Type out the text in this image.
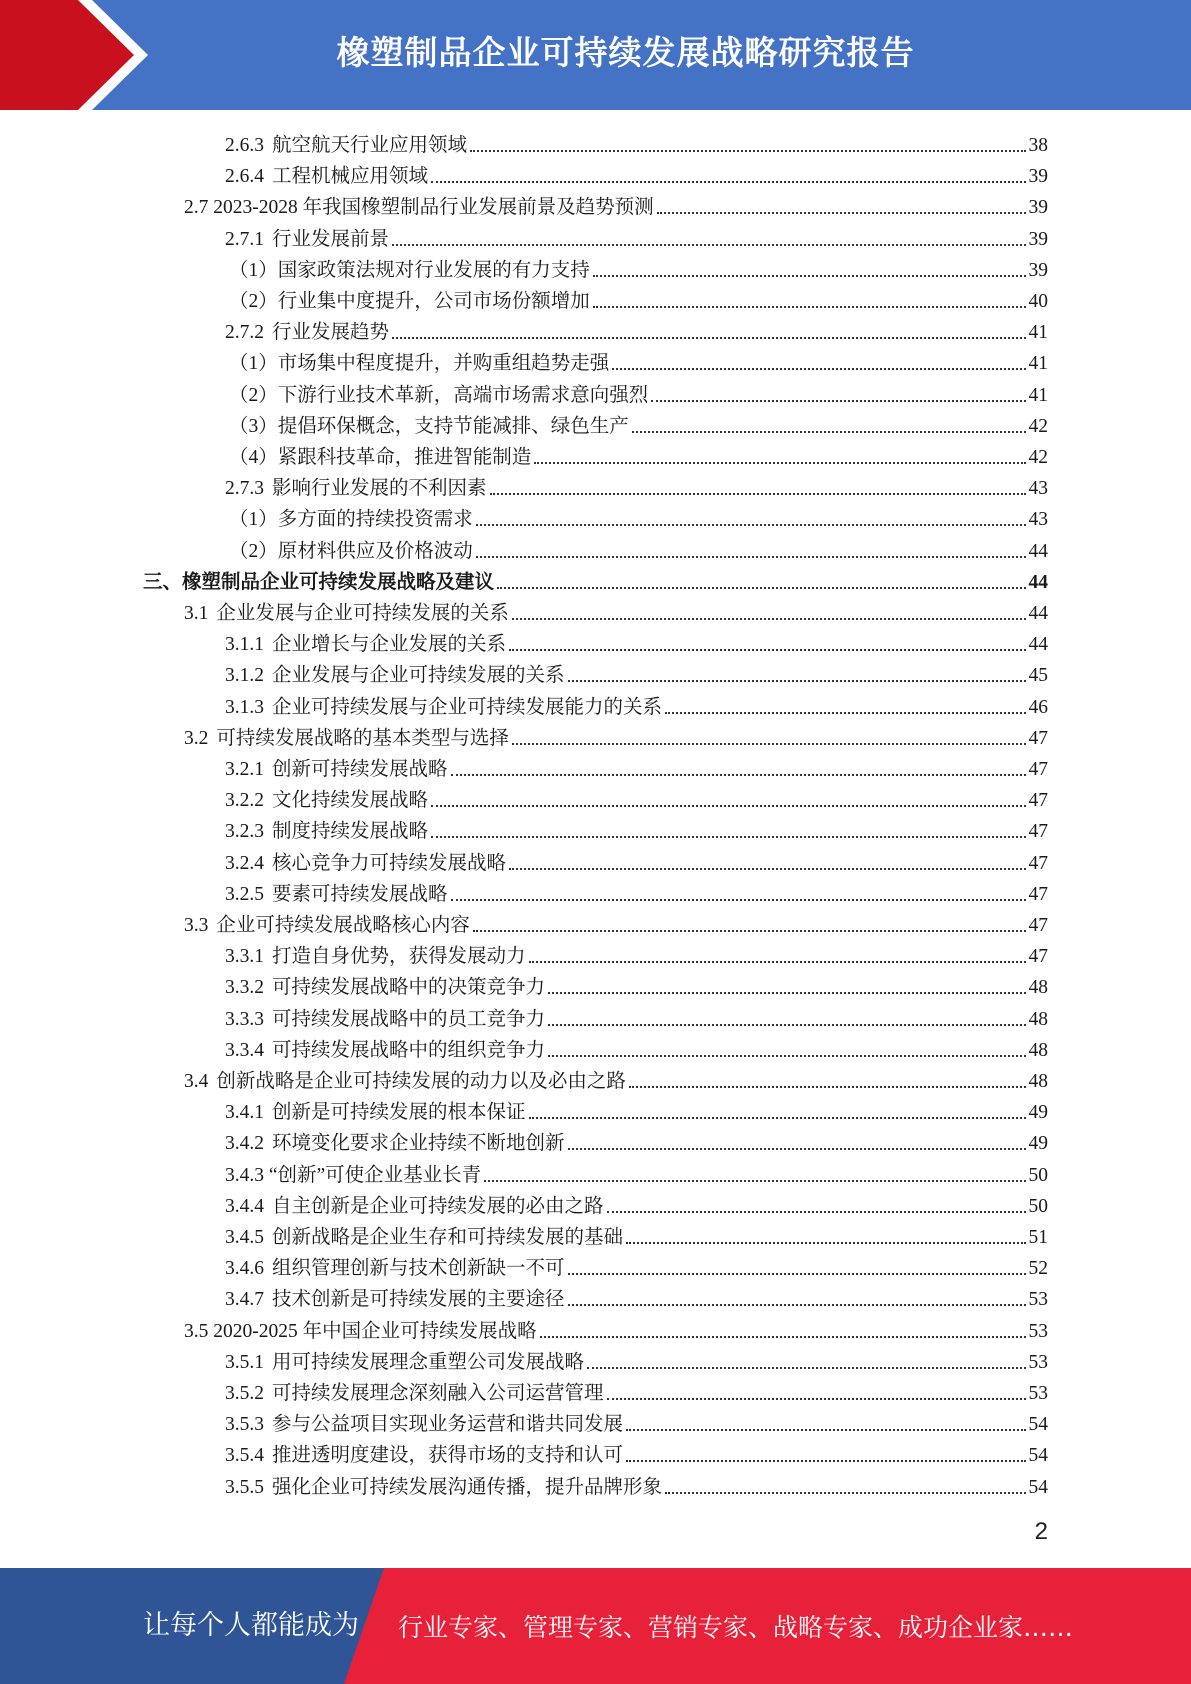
橡塑制品企业可持续发展战略研究报告
2.6.3 航空航天行业应用领域	38
2.6.4 工程机械应用领域	39
2.7 2023-2028 年我国橡塑制品行业发展前景及趋势预测	39
2.7.1 行业发展前景	39
（1）国家政策法规对行业发展的有力支持	39
（2）行业集中度提升，公司市场份额增加	40
2.7.2 行业发展趋势	41
（1）市场集中程度提升，并购重组趋势走强	41
（2）下游行业技术革新，高端市场需求意向强烈	41
（3）提倡环保概念，支持节能减排、绿色生产	42
（4）紧跟科技革命，推进智能制造	42
2.7.3 影响行业发展的不利因素	43
（1）多方面的持续投资需求	43
（2）原材料供应及价格波动	44
三、橡塑制品企业可持续发展战略及建议	44
3.1 企业发展与企业可持续发展的关系	44
3.1.1 企业增长与企业发展的关系	44
3.1.2 企业发展与企业可持续发展的关系	45
3.1.3 企业可持续发展与企业可持续发展能力的关系	46
3.2 可持续发展战略的基本类型与选择	47
3.2.1 创新可持续发展战略	47
3.2.2 文化持续发展战略	47
3.2.3 制度持续发展战略	47
3.2.4 核心竞争力可持续发展战略	47
3.2.5 要素可持续发展战略	47
3.3 企业可持续发展战略核心内容	47
3.3.1 打造自身优势，获得发展动力	47
3.3.2 可持续发展战略中的决策竞争力	48
3.3.3 可持续发展战略中的员工竞争力	48
3.3.4 可持续发展战略中的组织竞争力	48
3.4 创新战略是企业可持续发展的动力以及必由之路	48
3.4.1 创新是可持续发展的根本保证	49
3.4.2 环境变化要求企业持续不断地创新	49
3.4.3 “创新”可使企业基业长青	50
3.4.4 自主创新是企业可持续发展的必由之路	50
3.4.5 创新战略是企业生存和可持续发展的基础	51
3.4.6 组织管理创新与技术创新缺一不可	52
3.4.7 技术创新是可持续发展的主要途径	53
3.5 2020-2025 年中国企业可持续发展战略	53
3.5.1 用可持续发展理念重塑公司发展战略	53
3.5.2 可持续发展理念深刻融入公司运营管理	53
3.5.3 参与公益项目实现业务运营和谐共同发展	54
3.5.4 推进透明度建设，获得市场的支持和认可	54
3.5.5 强化企业可持续发展沟通传播，提升品牌形象	54
2
让每个人都能成为 行业专家、管理专家、营销专家、战略专家、成功企业家……
